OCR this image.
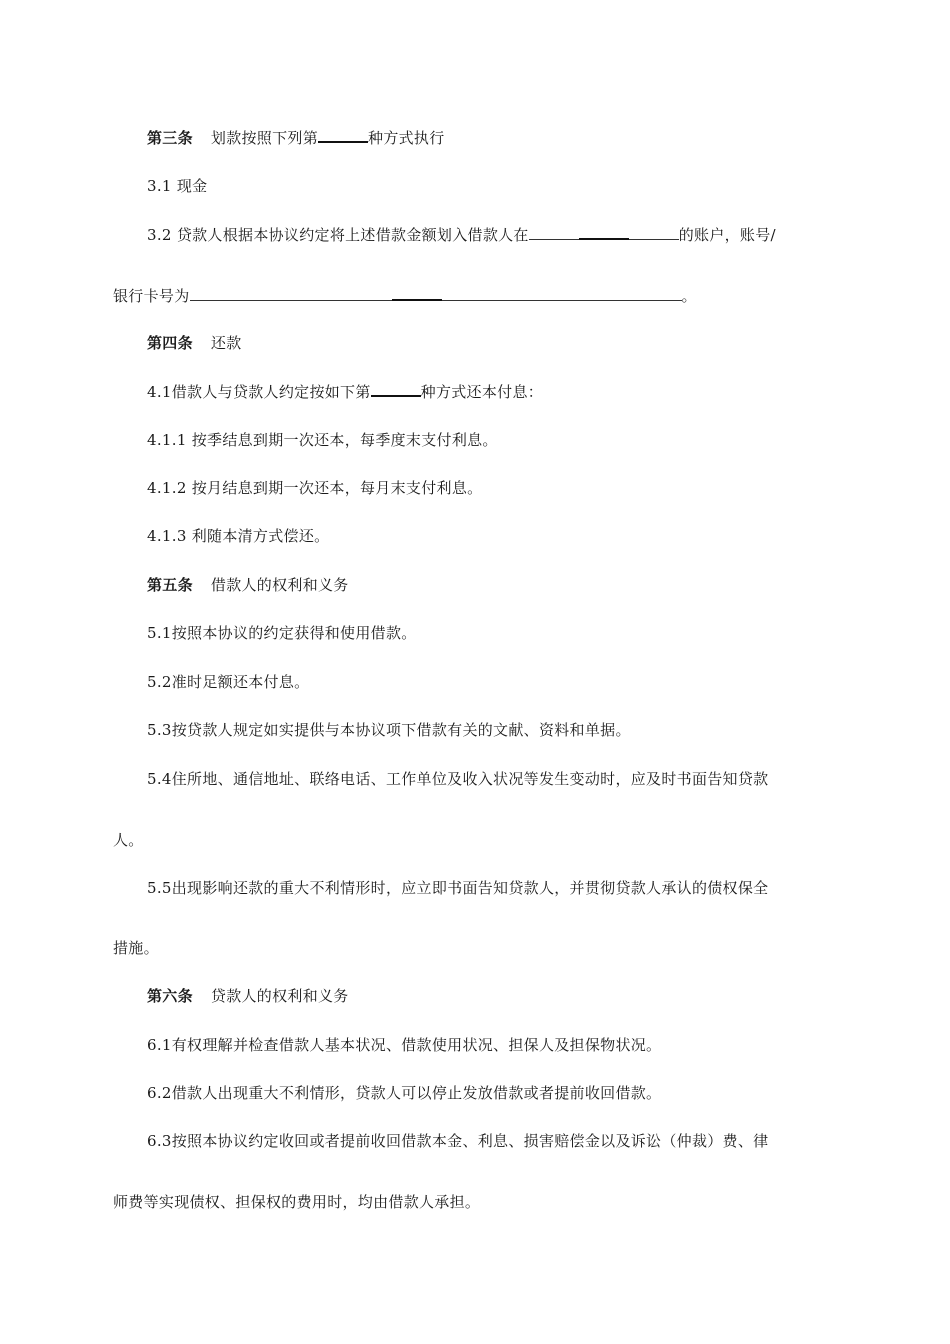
第三条 划款按照下列第	种方式执行
3.1 现金
3.2 贷款人根据本协议约定将上述借款金额划入借款人在	的账户，账号/
银行卡号为	。
第四条 还款
4.1借款人与贷款人约定按如下第	种方式还本付息：
4.1.1 按季结息到期一次还本，每季度末支付利息。
4.1.2 按月结息到期一次还本，每月末支付利息。
4.1.3 利随本清方式偿还。
第五条 借款人的权利和义务
5.1按照本协议的约定获得和使用借款。
5.2准时足额还本付息。
5.3按贷款人规定如实提供与本协议项下借款有关的文献、资料和单据。
5.4住所地、通信地址、联络电话、工作单位及收入状况等发生变动时，应及时书面告知贷款
人。
5.5出现影响还款的重大不利情形时，应立即书面告知贷款人，并贯彻贷款人承认的债权保全
措施。
第六条 贷款人的权利和义务
6.1有权理解并检查借款人基本状况、借款使用状况、担保人及担保物状况。
6.2借款人出现重大不利情形，贷款人可以停止发放借款或者提前收回借款。
6.3按照本协议约定收回或者提前收回借款本金、利息、损害赔偿金以及诉讼（仲裁）费、律
师费等实现债权、担保权的费用时，均由借款人承担。
